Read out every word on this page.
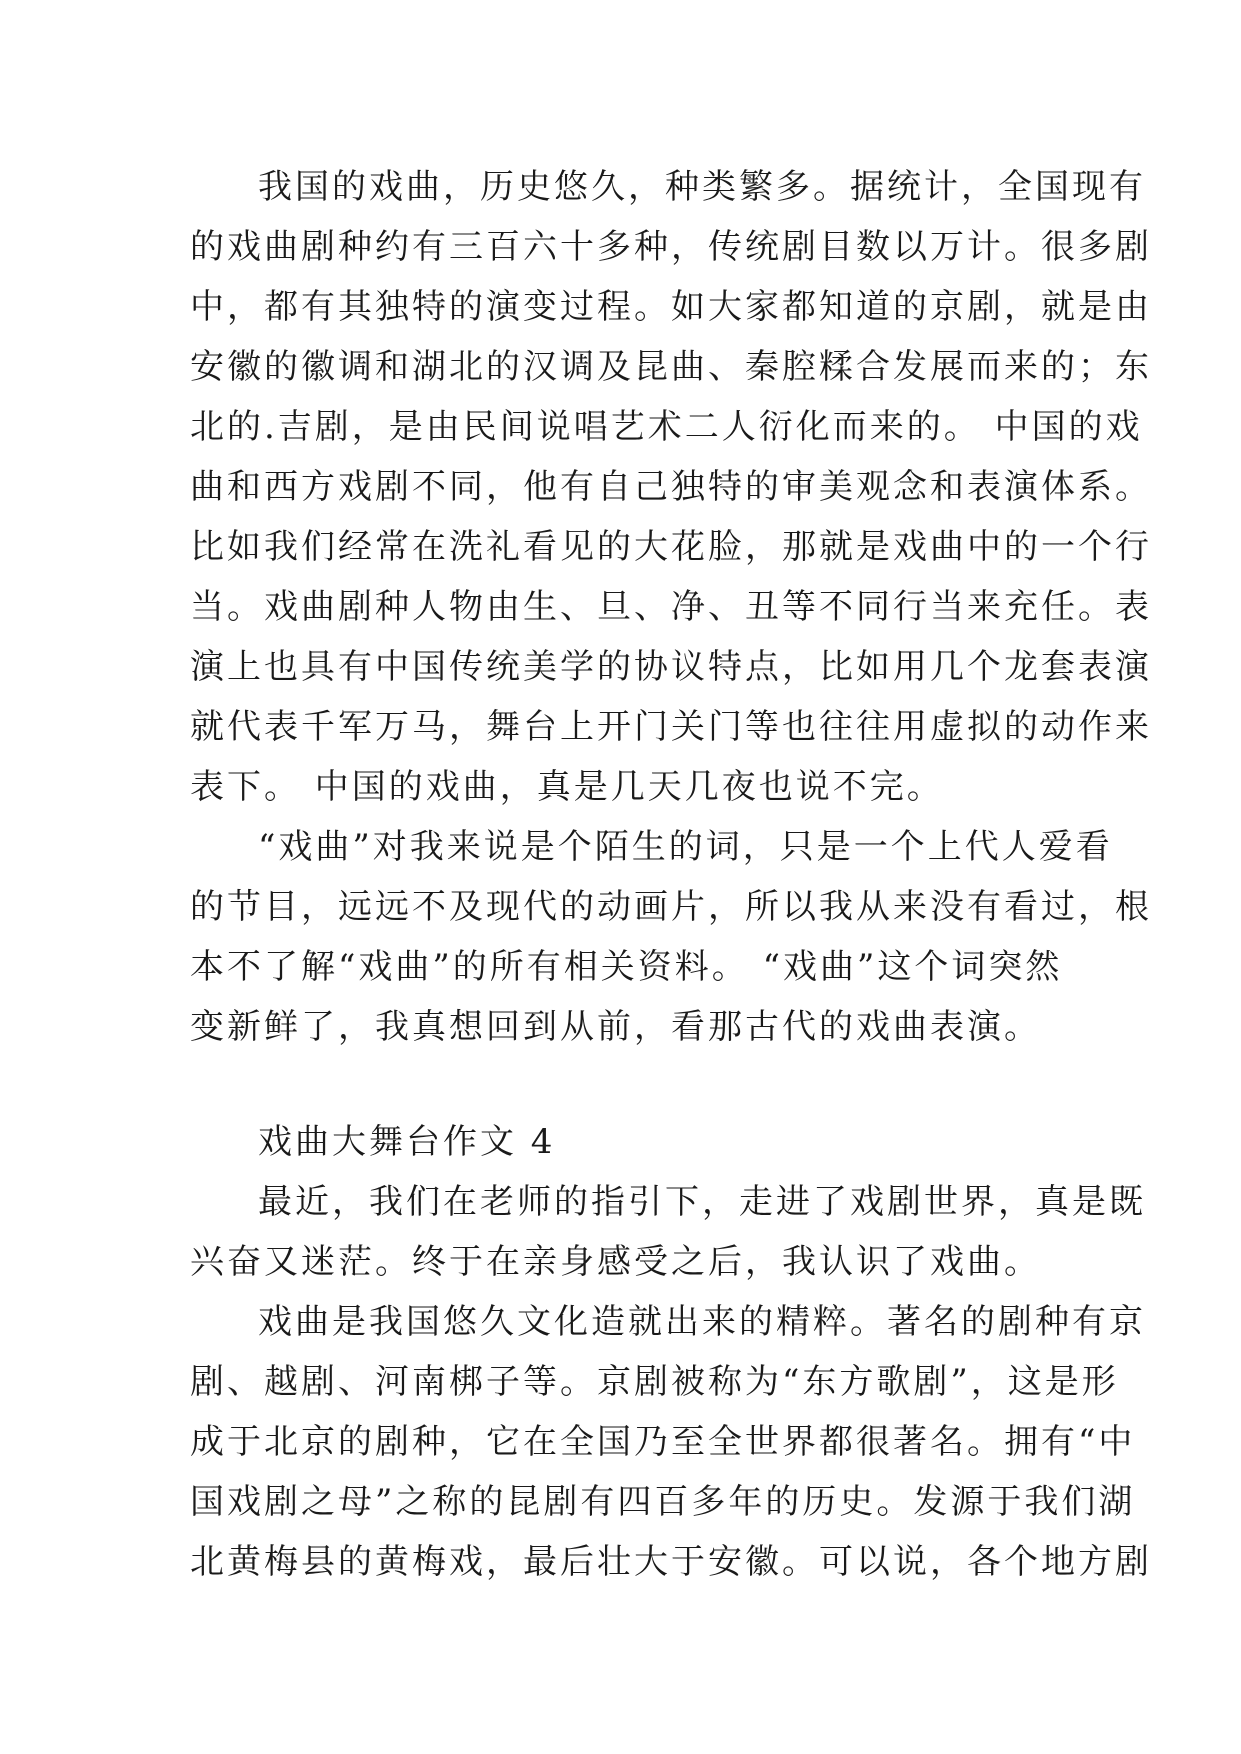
我国的戏曲，历史悠久，种类繁多。据统计，全国现有
的戏曲剧种约有三百六十多种，传统剧目数以万计。很多剧
中，都有其独特的演变过程。如大家都知道的京剧，就是由
安徽的徽调和湖北的汉调及昆曲、秦腔糅合发展而来的；东
北的.吉剧，是由民间说唱艺术二人衍化而来的。 中国的戏
曲和西方戏剧不同，他有自己独特的审美观念和表演体系。
比如我们经常在洗礼看见的大花脸，那就是戏曲中的一个行
当。戏曲剧种人物由生、旦、净、丑等不同行当来充任。表
演上也具有中国传统美学的协议特点，比如用几个龙套表演
就代表千军万马，舞台上开门关门等也往往用虚拟的动作来
表下。 中国的戏曲，真是几天几夜也说不完。
“戏曲”对我来说是个陌生的词，只是一个上代人爱看
的节目，远远不及现代的动画片，所以我从来没有看过，根
本不了解“戏曲”的所有相关资料。 “戏曲”这个词突然
变新鲜了，我真想回到从前，看那古代的戏曲表演。
戏曲大舞台作文 4
最近，我们在老师的指引下，走进了戏剧世界，真是既
兴奋又迷茫。终于在亲身感受之后，我认识了戏曲。
戏曲是我国悠久文化造就出来的精粹。著名的剧种有京
剧、越剧、河南梆子等。京剧被称为“东方歌剧”，这是形
成于北京的剧种，它在全国乃至全世界都很著名。拥有“中
国戏剧之母”之称的昆剧有四百多年的历史。发源于我们湖
北黄梅县的黄梅戏，最后壮大于安徽。可以说，各个地方剧
